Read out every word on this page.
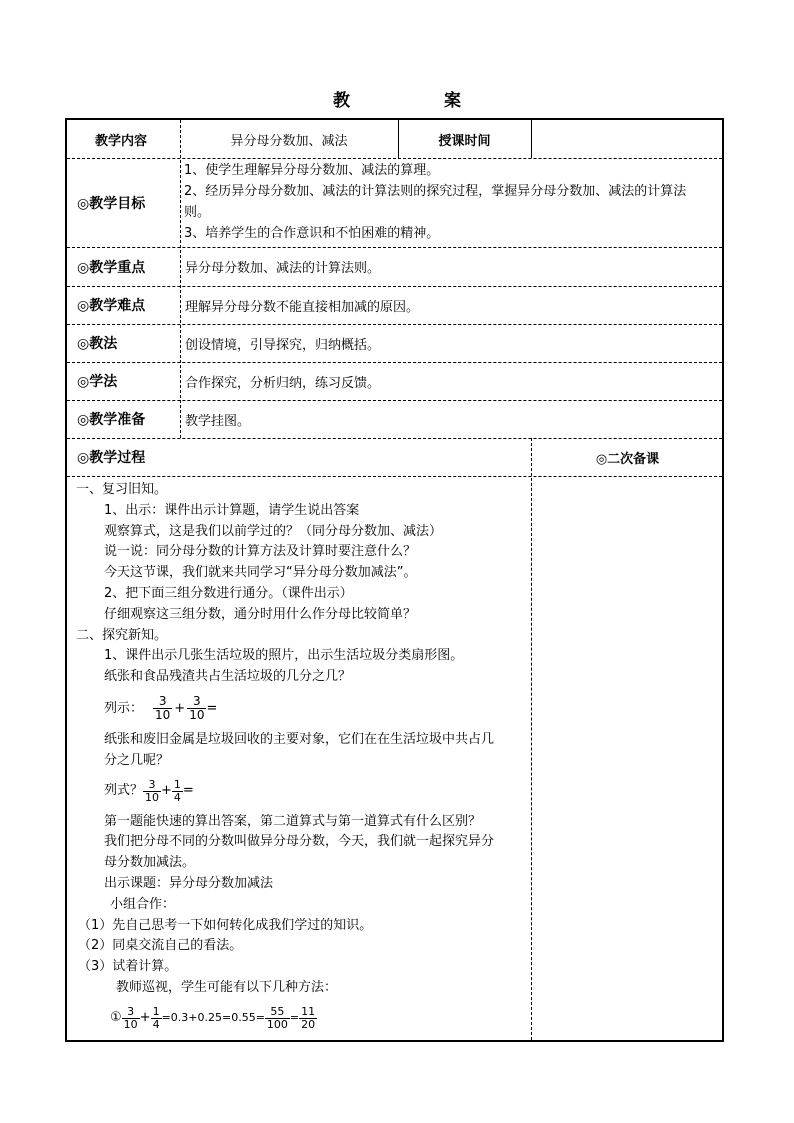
教 案
教学内容	异分母分数加、减法	授课时间
◎教学目标
1、使学生理解异分母分数加、减法的算理。
2、经历异分母分数加、减法的计算法则的探究过程，掌握异分母分数加、减法的计算法
则。
3、培养学生的合作意识和不怕困难的精神。
◎教学重点	异分母分数加、减法的计算法则。
◎教学难点	理解异分母分数不能直接相加减的原因。
◎教法	创设情境，引导探究，归纳概括。
◎学法	合作探究，分析归纳，练习反馈。
◎教学准备	教学挂图。
◎教学过程	◎二次备课
一、复习旧知。
1、出示：课件出示计算题，请学生说出答案
观察算式，这是我们以前学过的？（同分母分数加、减法）
说一说：同分母分数的计算方法及计算时要注意什么？
今天这节课，我们就来共同学习“异分母分数加减法”。
2、把下面三组分数进行通分。（课件出示）
仔细观察这三组分数，通分时用什么作分母比较简单？
二、探究新知。
1、课件出示几张生活垃圾的照片，出示生活垃圾分类扇形图。
纸张和食品残渣共占生活垃圾的几分之几？
列示： $\frac{3}{10} + \frac{3}{10}$ =
纸张和废旧金属是垃圾回收的主要对象，它们在在生活垃圾中共占几
分之几呢？
列式？ $\frac{3}{10} + \frac{1}{4}$ =
第一题能快速的算出答案，第二道算式与第一道算式有什么区别？
我们把分母不同的分数叫做异分母分数，今天，我们就一起探究异分
母分数加减法。
出示课题：异分母分数加减法
小组合作：
（1）先自己思考一下如何转化成我们学过的知识。
（2）同桌交流自己的看法。
（3）试着计算。
教师巡视，学生可能有以下几种方法：
① $\frac{3}{10} + \frac{1}{4} =0.3+0.25=0.55= \frac{55}{100} = \frac{11}{20}$
